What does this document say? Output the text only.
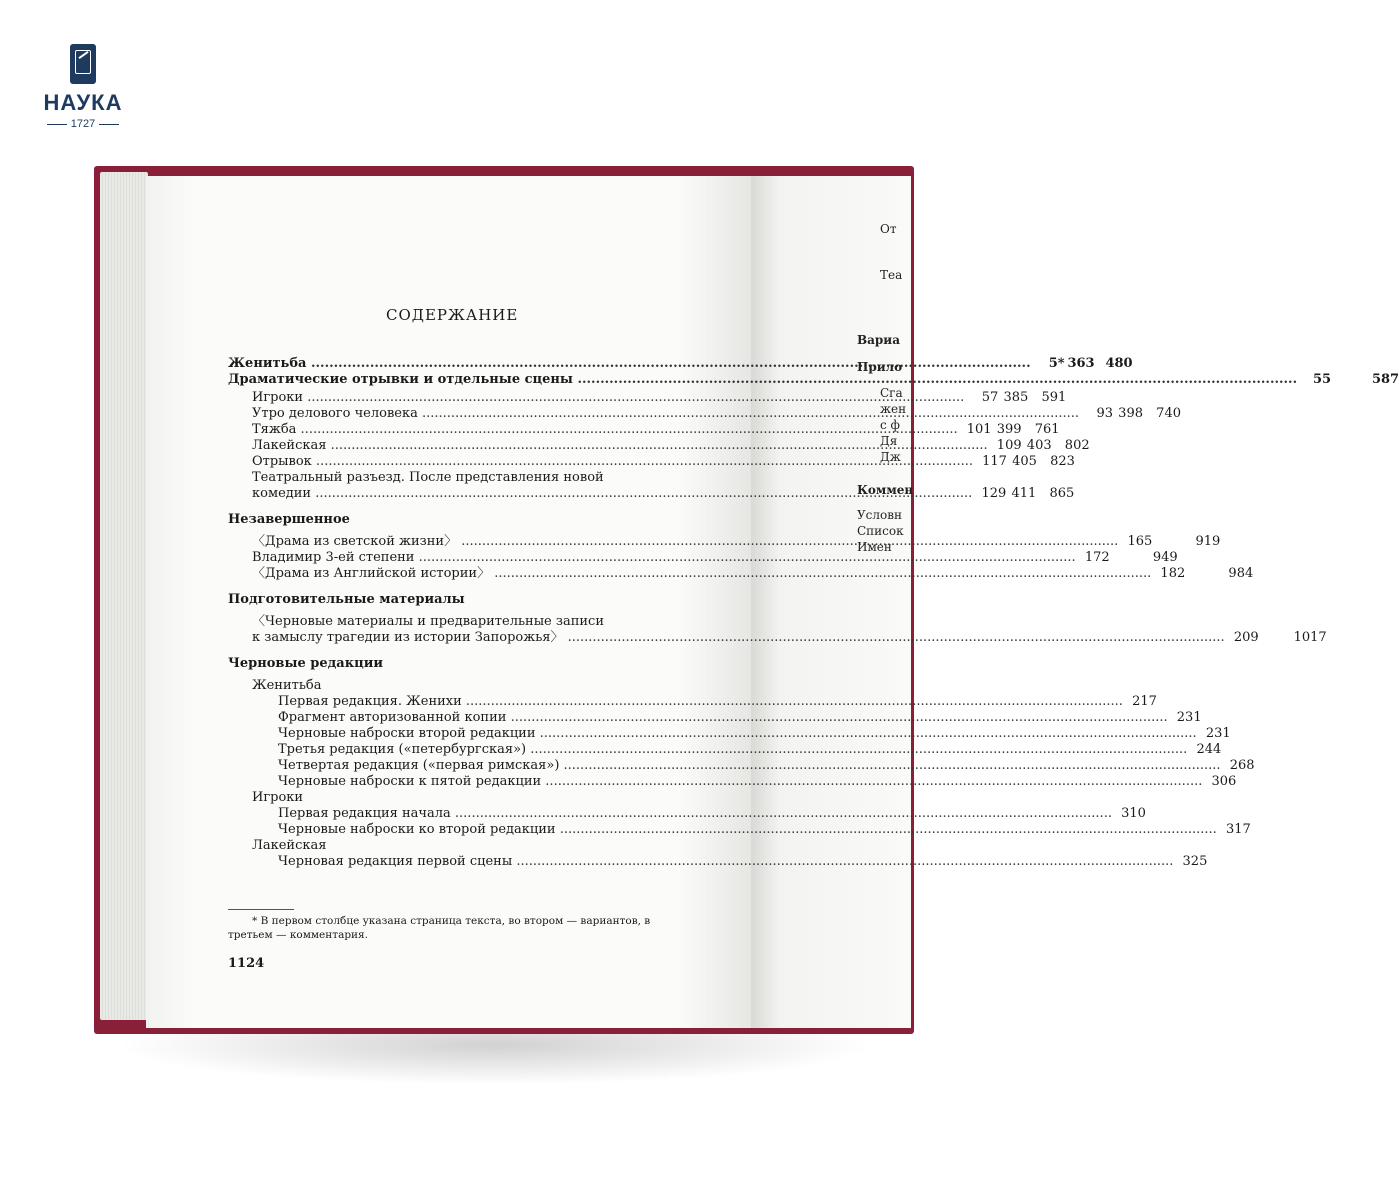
НАУКА
1727
СОДЕРЖАНИЕ
Женитьба .....	5* 363 480
Драматические отрывки и отдельные сцены .....	55	587
Игроки .....	57 385	591
Утро делового человека .....	93 398	740
Тяжба .....	101 399	761
Лакейская .....	109 403	802
Отрывок .....	117 405	823
Театральный разъезд. После представления новой
комедии .....	129 411	865
Незавершенное
〈Драма из светской жизни〉 .....	165	919
Владимир 3-ей степени .....	172	949
〈Драма из Английской истории〉 .....	182	984
Подготовительные материалы
〈Черновые материалы и предварительные записи
к замыслу трагедии из истории Запорожья〉 .....	209	1017
Черновые редакции
Женитьба
Первая редакция. Женихи .....	217
Фрагмент авторизованной копии .....	231
Черновые наброски второй редакции .....	231
Третья редакция («петербургская») .....	244
Четвертая редакция («первая римская») .....	268
Черновые наброски к пятой редакции .....	306
Игроки
Первая редакция начала .....	310
Черновые наброски ко второй редакции .....	317
Лакейская
Черновая редакция первой сцены .....	325
* В первом столбце указана страница текста, во втором — вариантов, в третьем — комментария.
1124
От
Теа
Вариа
Прило
Сга
жен
с ф
Дя
Дж
Коммен
Условн
Список
Имен
